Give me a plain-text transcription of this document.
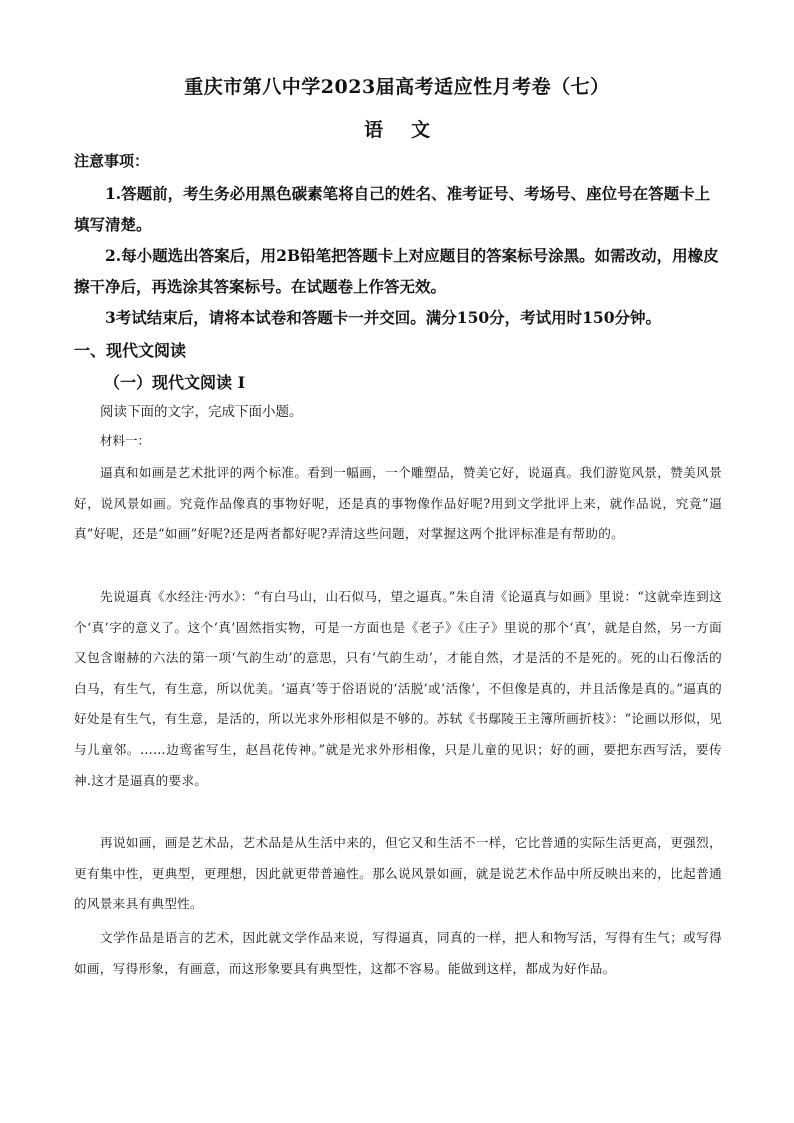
重庆市第八中学2023届高考适应性月考卷（七）
语文
注意事项：
1.答题前，考生务必用黑色碳素笔将自己的姓名、准考证号、考场号、座位号在答题卡上填写清楚。
2.每小题选出答案后，用2B铅笔把答题卡上对应题目的答案标号涂黑。如需改动，用橡皮擦干净后，再选涂其答案标号。在试题卷上作答无效。
3考试结束后，请将本试卷和答题卡一并交回。满分150分，考试用时150分钟。
一、现代文阅读
（一）现代文阅读 I
阅读下面的文字，完成下面小题。
材料一：
逼真和如画是艺术批评的两个标准。看到一幅画，一个雕塑品，赞美它好，说逼真。我们游览风景，赞美风景好，说风景如画。究竟作品像真的事物好呢，还是真的事物像作品好呢?用到文学批评上来，就作品说，究竟“逼真”好呢，还是“如画”好呢?还是两者都好呢?弄清这些问题，对掌握这两个批评标准是有帮助的。
先说逼真《水经注·沔水》：“有白马山，山石似马，望之逼真。”朱自清《论逼真与如画》里说：“这就牵连到这个‘真’字的意义了。这个‘真’固然指实物，可是一方面也是《老子》《庄子》里说的那个‘真’，就是自然，另一方面又包含谢赫的六法的第一项‘气韵生动’的意思，只有‘气韵生动’，才能自然，才是活的不是死的。死的山石像活的白马，有生气，有生意，所以优美。‘逼真’等于俗语说的‘活脱’或‘活像’，不但像是真的，并且活像是真的。”逼真的好处是有生气，有生意，是活的，所以光求外形相似是不够的。苏轼《书鄢陵王主簿所画折枝》：“论画以形似，见与儿童邻。……边鸾雀写生，赵昌花传神。”就是光求外形相像，只是儿童的见识；好的画，要把东西写活，要传神.这才是逼真的要求。
再说如画，画是艺术品，艺术品是从生活中来的，但它又和生活不一样，它比普通的实际生活更高，更强烈，更有集中性，更典型，更理想，因此就更带普遍性。那么说风景如画，就是说艺术作品中所反映出来的，比起普通的风景来具有典型性。
文学作品是语言的艺术，因此就文学作品来说，写得逼真，同真的一样，把人和物写活，写得有生气；或写得如画，写得形象，有画意，而这形象要具有典型性，这都不容易。能做到这样，都成为好作品。
